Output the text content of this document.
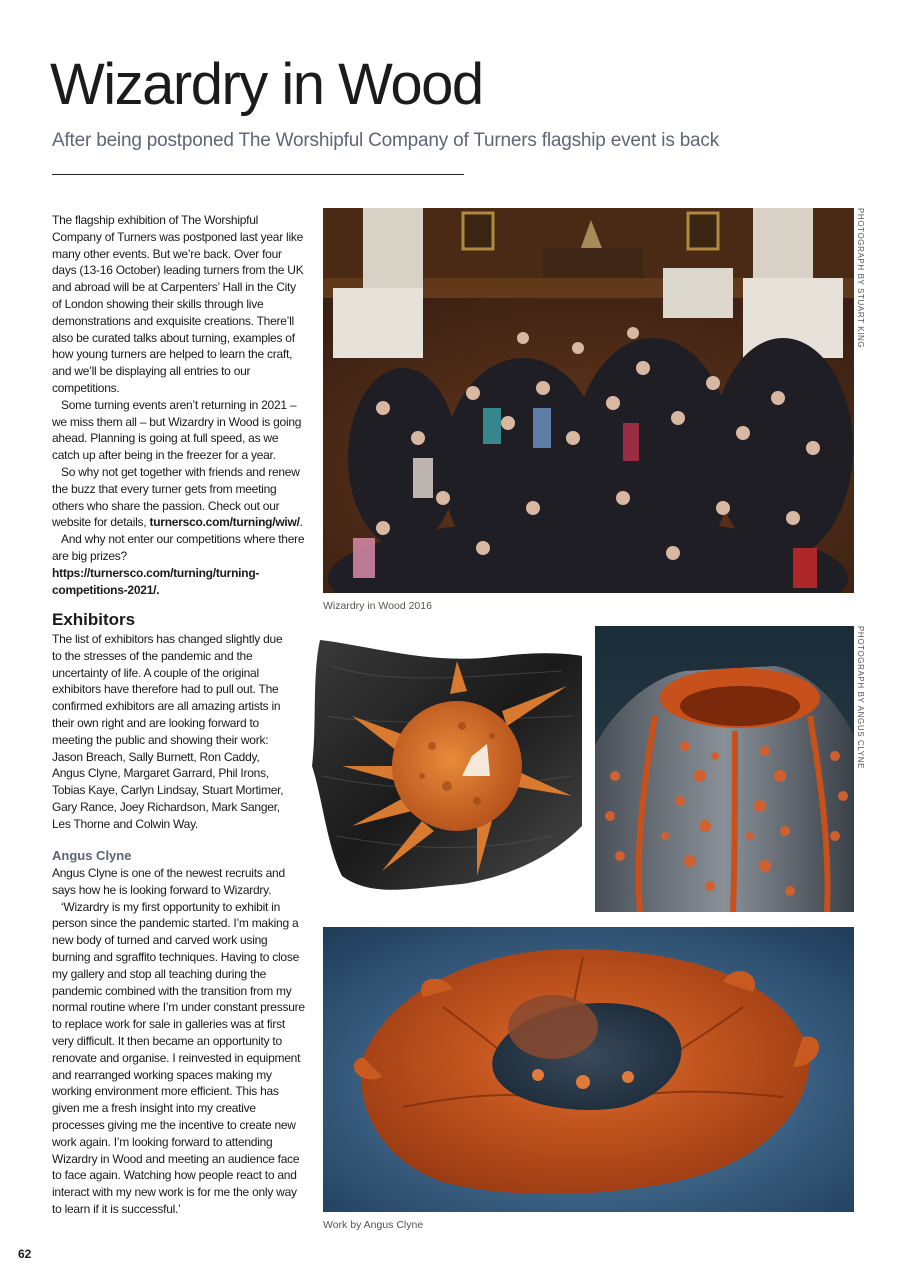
Wizardry in Wood

After being postponed The Worshipful Company of Turners flagship event is back

The flagship exhibition of The Worshipful Company of Turners was postponed last year like many other events. But we’re back. Over four days (13-16 October) leading turners from the UK and abroad will be at Carpenters’ Hall in the City of London showing their skills through live demonstrations and exquisite creations. There’ll also be curated talks about turning, examples of how young turners are helped to learn the craft, and we’ll be displaying all entries to our competitions.

Some turning events aren’t returning in 2021 – we miss them all – but Wizardry in Wood is going ahead. Planning is going at full speed, as we catch up after being in the freezer for a year.

So why not get together with friends and renew the buzz that every turner gets from meeting others who share the passion. Check out our website for details, turnersco.com/turning/wiw/.

And why not enter our competitions where there are big prizes? https://turnersco.com/turning/turning-competitions-2021/.

Exhibitors

The list of exhibitors has changed slightly due to the stresses of the pandemic and the uncertainty of life. A couple of the original exhibitors have therefore had to pull out. The confirmed exhibitors are all amazing artists in their own right and are looking forward to meeting the public and showing their work: Jason Breach, Sally Burnett, Ron Caddy, Angus Clyne, Margaret Garrard, Phil Irons, Tobias Kaye, Carlyn Lindsay, Stuart Mortimer, Gary Rance, Joey Richardson, Mark Sanger, Les Thorne and Colwin Way.

Angus Clyne

Angus Clyne is one of the newest recruits and says how he is looking forward to Wizardry.

‘Wizardry is my first opportunity to exhibit in person since the pandemic started. I’m making a new body of turned and carved work using burning and sgraffito techniques. Having to close my gallery and stop all teaching during the pandemic combined with the transition from my normal routine where I’m under constant pressure to replace work for sale in galleries was at first very difficult. It then became an opportunity to renovate and organise. I reinvested in equipment and rearranged working spaces making my working environment more efficient. This has given me a fresh insight into my creative processes giving me the incentive to create new work again. I’m looking forward to attending Wizardry in Wood and meeting an audience face to face again. Watching how people react to and interact with my new work is for me the only way to learn if it is successful.’

Wizardry in Wood 2016
PHOTOGRAPH BY STUART KING
PHOTOGRAPH BY ANGUS CLYNE
Work by Angus Clyne
62
